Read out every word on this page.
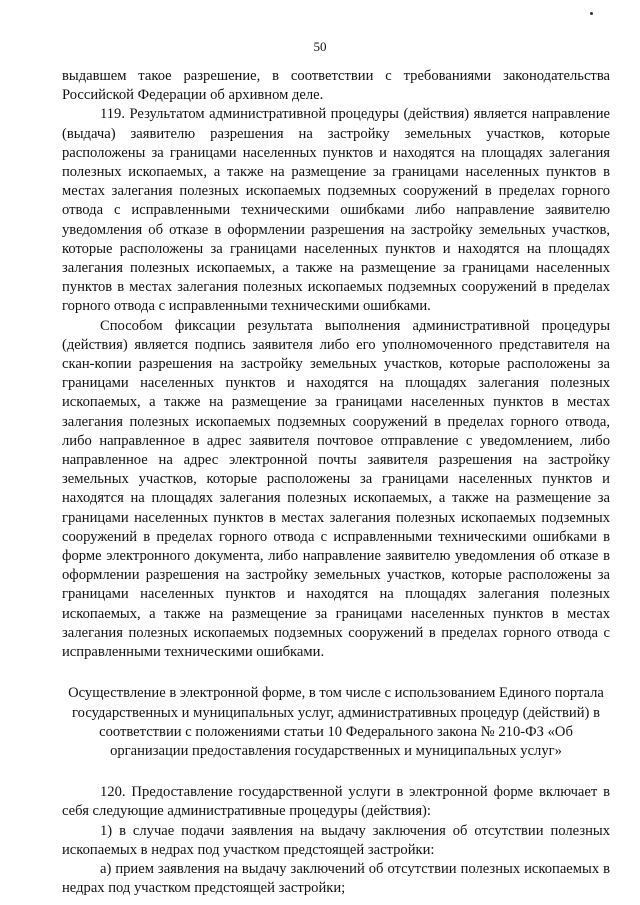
50

выдавшем такое разрешение, в соответствии с требованиями законодательства Российской Федерации об архивном деле.

119. Результатом административной процедуры (действия) является направление (выдача) заявителю разрешения на застройку земельных участков, которые расположены за границами населенных пунктов и находятся на площадях залегания полезных ископаемых, а также на размещение за границами населенных пунктов в местах залегания полезных ископаемых подземных сооружений в пределах горного отвода с исправленными техническими ошибками либо направление заявителю уведомления об отказе в оформлении разрешения на застройку земельных участков, которые расположены за границами населенных пунктов и находятся на площадях залегания полезных ископаемых, а также на размещение за границами населенных пунктов в местах залегания полезных ископаемых подземных сооружений в пределах горного отвода с исправленными техническими ошибками.

Способом фиксации результата выполнения административной процедуры (действия) является подпись заявителя либо его уполномоченного представителя на скан-копии разрешения на застройку земельных участков, которые расположены за границами населенных пунктов и находятся на площадях залегания полезных ископаемых, а также на размещение за границами населенных пунктов в местах залегания полезных ископаемых подземных сооружений в пределах горного отвода, либо направленное в адрес заявителя почтовое отправление с уведомлением, либо направленное на адрес электронной почты заявителя разрешения на застройку земельных участков, которые расположены за границами населенных пунктов и находятся на площадях залегания полезных ископаемых, а также на размещение за границами населенных пунктов в местах залегания полезных ископаемых подземных сооружений в пределах горного отвода с исправленными техническими ошибками в форме электронного документа, либо направление заявителю уведомления об отказе в оформлении разрешения на застройку земельных участков, которые расположены за границами населенных пунктов и находятся на площадях залегания полезных ископаемых, а также на размещение за границами населенных пунктов в местах залегания полезных ископаемых подземных сооружений в пределах горного отвода с исправленными техническими ошибками.

Осуществление в электронной форме, в том числе с использованием Единого портала государственных и муниципальных услуг, административных процедур (действий) в соответствии с положениями статьи 10 Федерального закона № 210-ФЗ «Об организации предоставления государственных и муниципальных услуг»

120. Предоставление государственной услуги в электронной форме включает в себя следующие административные процедуры (действия):

1) в случае подачи заявления на выдачу заключения об отсутствии полезных ископаемых в недрах под участком предстоящей застройки:

а) прием заявления на выдачу заключений об отсутствии полезных ископаемых в недрах под участком предстоящей застройки;
